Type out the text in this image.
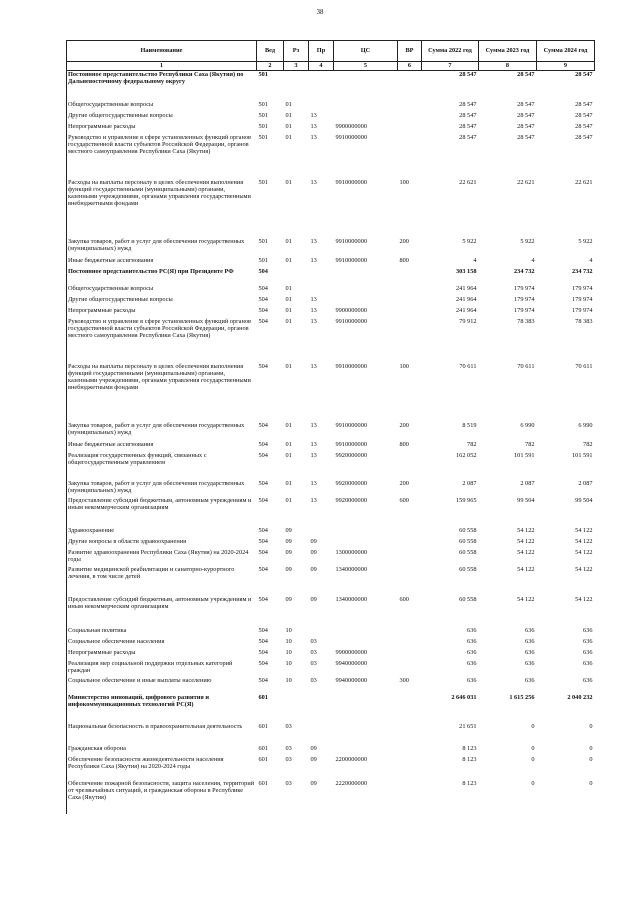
38
Наименование	Вед	Рз	Пр	ЦС	ВР	Сумма 2022 год	Сумма 2023 год	Сумма 2024 год
1	2	3	4	5	6	7	8	9
Постоянное представительство Республики Саха (Якутия) по Дальневосточному федеральному округу	501					28 547	28 547	28 547
Общегосударственные вопросы	501	01				28 547	28 547	28 547
Другие общегосударственные вопросы	501	01	13			28 547	28 547	28 547
Непрограммные расходы	501	01	13	9900000000		28 547	28 547	28 547
Руководство и управление в сфере установленных функций органов государственной власти субъектов Российской Федерации, органов местного самоуправления Республики Саха (Якутия)	501	01	13	9910000000		28 547	28 547	28 547
Расходы на выплаты персоналу в целях обеспечения выполнения функций государственными (муниципальными) органами, казенными учреждениями, органами управления государственными внебюджетными фондами	501	01	13	9910000000	100	22 621	22 621	22 621
Закупка товаров, работ и услуг для обеспечения государственных (муниципальных) нужд	501	01	13	9910000000	200	5 922	5 922	5 922
Иные бюджетные ассигнования	501	01	13	9910000000	800	4	4	4
Постоянное представительство РС(Я) при Президенте РФ	504					303 158	234 732	234 732
Общегосударственные вопросы	504	01				241 964	179 974	179 974
Другие общегосударственные вопросы	504	01	13			241 964	179 974	179 974
Непрограммные расходы	504	01	13	9900000000		241 964	179 974	179 974
Руководство и управление в сфере установленных функций органов государственной власти субъектов Российской Федерации, органов местного самоуправления Республики Саха (Якутия)	504	01	13	9910000000		79 912	78 383	78 383
Расходы на выплаты персоналу в целях обеспечения выполнения функций государственными (муниципальными) органами, казенными учреждениями, органами управления государственными внебюджетными фондами	504	01	13	9910000000	100	70 611	70 611	70 611
Закупка товаров, работ и услуг для обеспечения государственных (муниципальных) нужд	504	01	13	9910000000	200	8 519	6 990	6 990
Иные бюджетные ассигнования	504	01	13	9910000000	800	782	782	782
Реализация государственных функций, связанных с общегосударственным управлением	504	01	13	9920000000		162 052	101 591	101 591
Закупка товаров, работ и услуг для обеспечения государственных (муниципальных) нужд	504	01	13	9920000000	200	2 087	2 087	2 087
Предоставление субсидий бюджетным, автономным учреждениям и иным некоммерческим организациям	504	01	13	9920000000	600	159 965	99 504	99 504
Здравоохранение	504	09				60 558	54 122	54 122
Другие вопросы в области здравоохранения	504	09	09			60 558	54 122	54 122
Развитие здравоохранения Республики Саха (Якутия) на 2020-2024 годы	504	09	09	1300000000		60 558	54 122	54 122
Развитие медицинской реабилитации и санаторно-курортного лечения, в том числе детей	504	09	09	1340000000		60 558	54 122	54 122
Предоставление субсидий бюджетным, автономным учреждениям и иным некоммерческим организациям	504	09	09	1340000000	600	60 558	54 122	54 122
Социальная политика	504	10				636	636	636
Социальное обеспечение населения	504	10	03			636	636	636
Непрограммные расходы	504	10	03	9900000000		636	636	636
Реализация мер социальной поддержки отдельных категорий граждан	504	10	03	9940000000		636	636	636
Социальное обеспечение и иные выплаты населению	504	10	03	9940000000	300	636	636	636
Министерство инноваций, цифрового развития и инфокоммуникационных технологий РС(Я)	601					2 646 031	1 615 256	2 040 232
Национальная безопасность и правоохранительная деятельность	601	03				21 651	0	0
Гражданская оборона	601	03	09			8 123	0	0
Обеспечение безопасности жизнедеятельности населения Республики Саха (Якутия) на 2020-2024 годы	601	03	09	2200000000		8 123	0	0
Обеспечение пожарной безопасности, защита населения, территорий от чрезвычайных ситуаций, и гражданская оборона в Республике Саха (Якутия)	601	03	09	2220000000		8 123	0	0
